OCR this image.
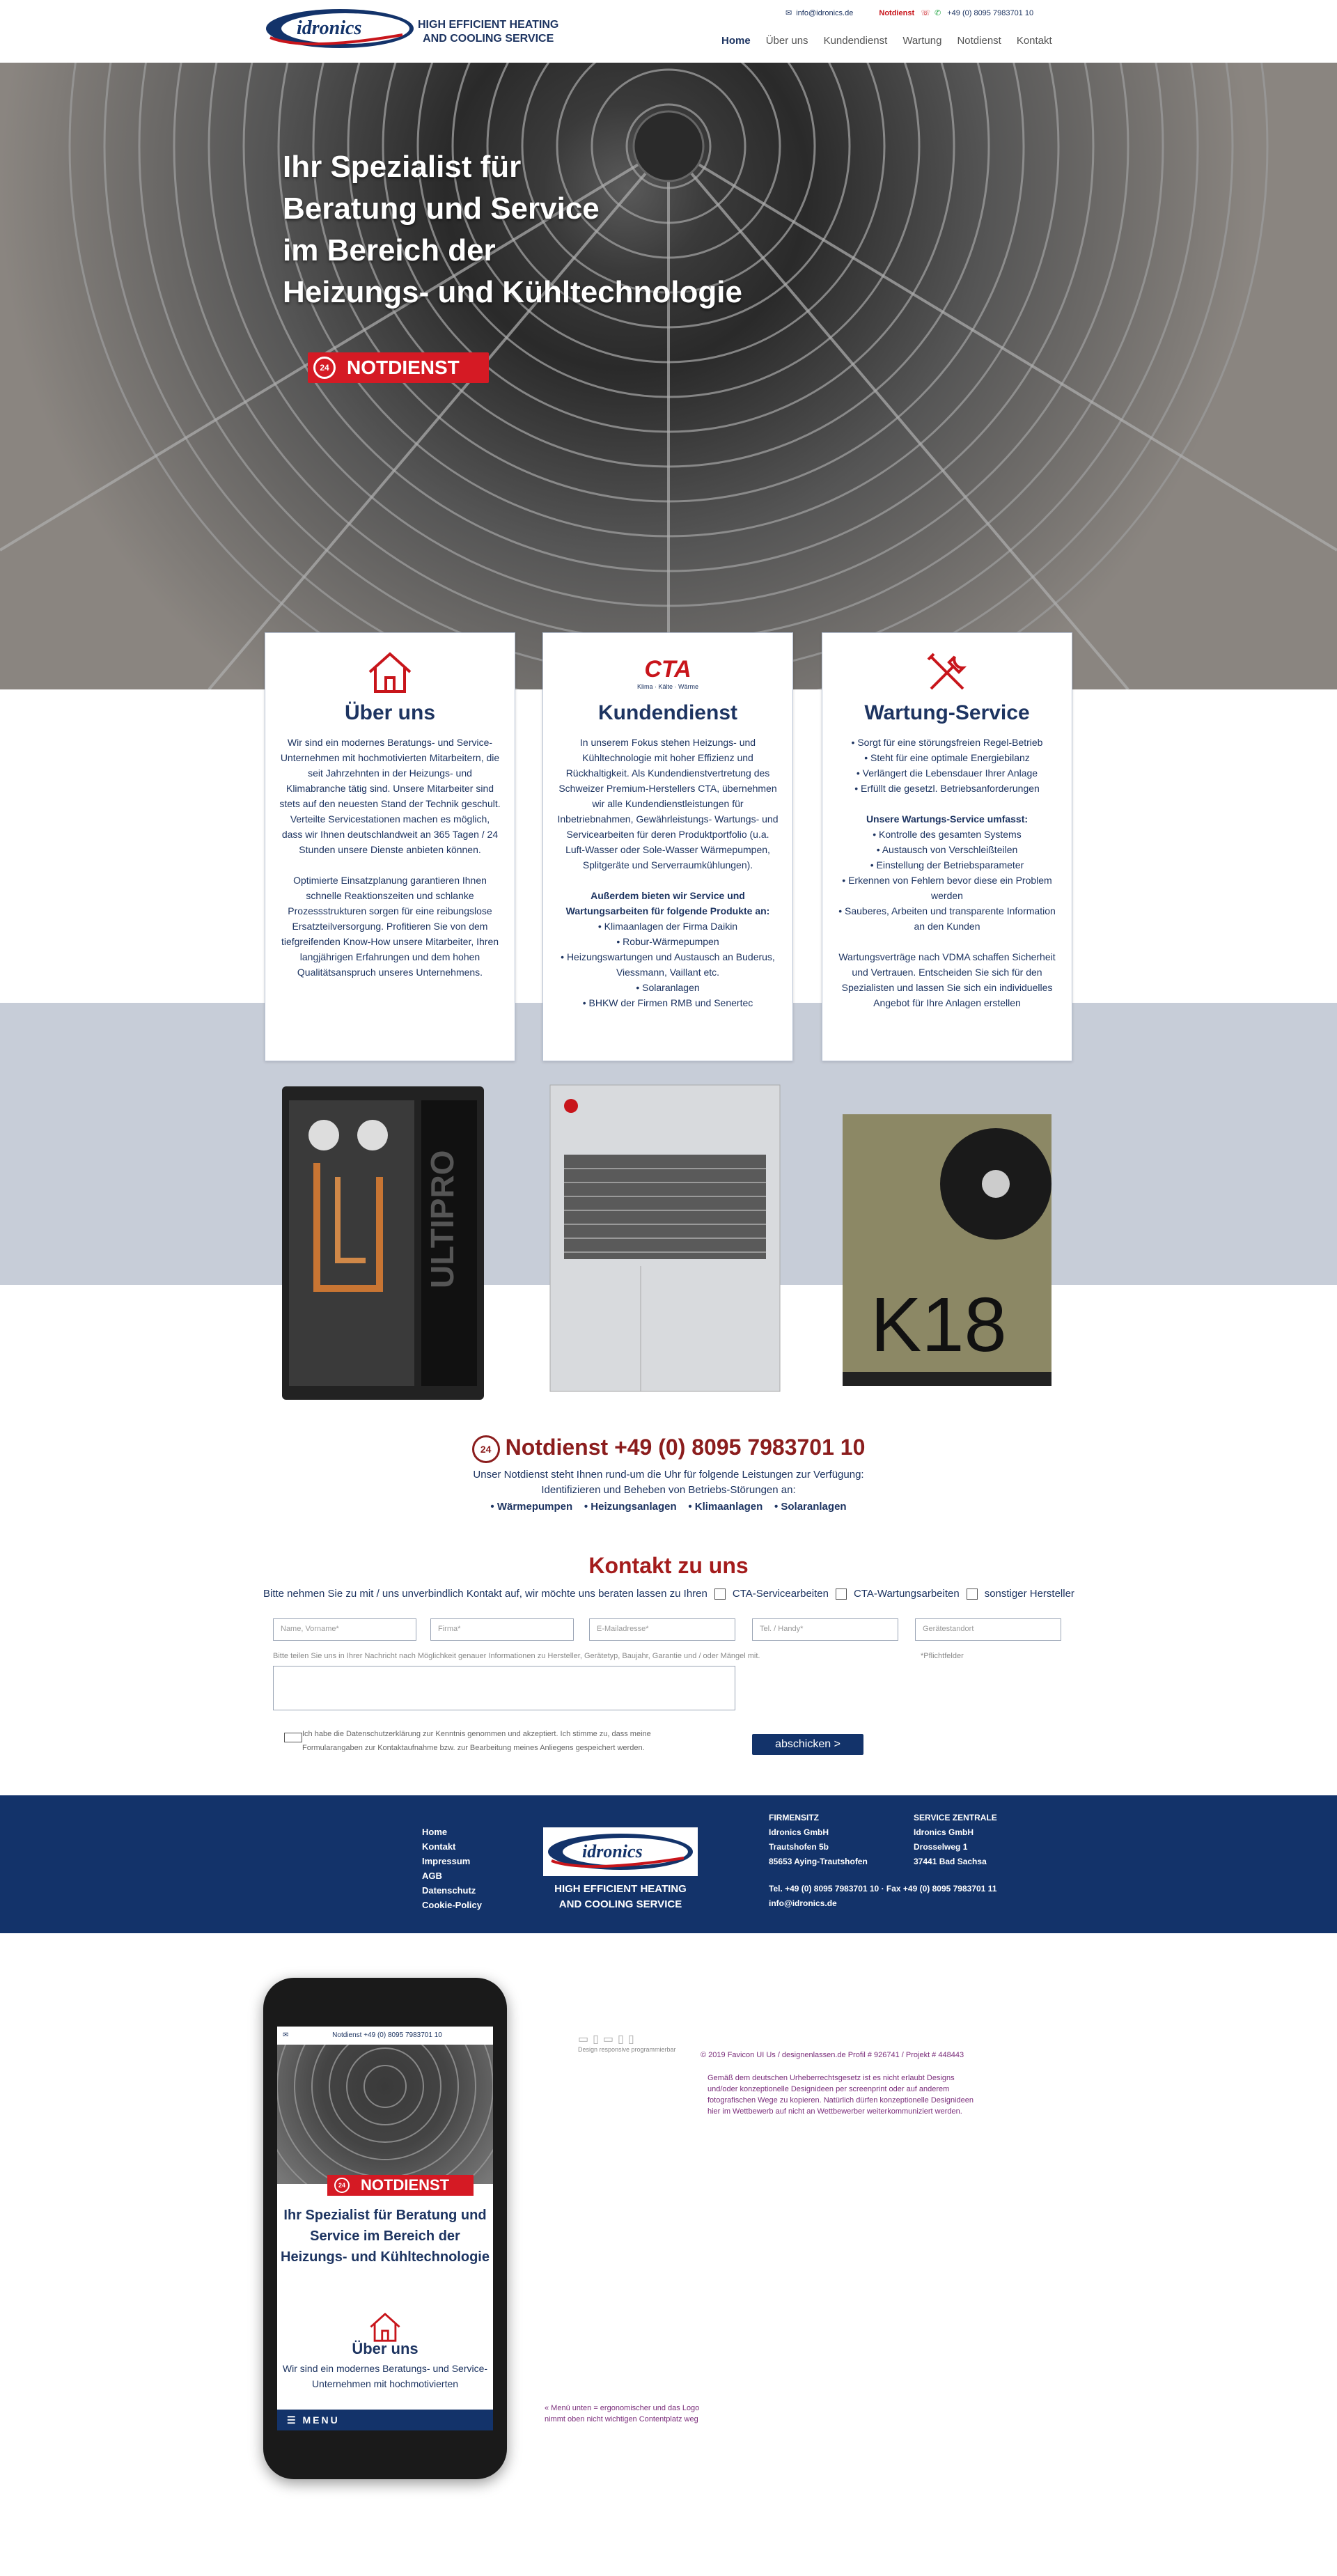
idronics	HIGH EFFICIENT HEATING
AND COOLING SERVICE
✉ info@idronics.de	Notdienst ☏ ✆ +49 (0) 8095 7983701 10
Home Über uns Kundendienst Wartung Notdienst Kontakt
Ihr Spezialist für
Beratung und Service
im Bereich der
Heizungs- und Kühltechnologie
24 NOTDIENST
Über uns

Wir sind ein modernes Beratungs- und Service-Unternehmen mit hochmotivierten Mitarbeitern, die seit Jahrzehnten in der Heizungs- und Klimabranche tätig sind. Unsere Mitarbeiter sind stets auf den neuesten Stand der Technik geschult. Verteilte Servicestationen machen es möglich, dass wir Ihnen deutschlandweit an 365 Tagen / 24 Stunden unsere Dienste anbieten können.

Optimierte Einsatzplanung garantieren Ihnen schnelle Reaktionszeiten und schlanke Prozessstrukturen sorgen für eine reibungslose Ersatzteilversorgung. Profitieren Sie von dem tiefgreifenden Know-How unsere Mitarbeiter, Ihren langjährigen Erfahrungen und dem hohen Qualitätsanspruch unseres Unternehmens.

CTA
Klima · Kälte · Wärme
Kundendienst

In unserem Fokus stehen Heizungs- und Kühltechnologie mit hoher Effizienz und Rückhaltigkeit. Als Kundendienstvertretung des Schweizer Premium-Herstellers CTA, übernehmen wir alle Kundendienstleistungen für Inbetriebnahmen, Gewährleistungs- Wartungs- und Servicearbeiten für deren Produktportfolio (u.a. Luft-Wasser oder Sole-Wasser Wärmepumpen, Splitgeräte und Serverraumkühlungen).

Außerdem bieten wir Service und Wartungsarbeiten für folgende Produkte an:

• Klimaanlagen der Firma Daikin
• Robur-Wärmepumpen
• Heizungswartungen und Austausch an Buderus, Viessmann, Vaillant etc.
• Solaranlagen
• BHKW der Firmen RMB und Senertec

Wartung-Service

• Sorgt für eine störungsfreien Regel-Betrieb
• Steht für eine optimale Energiebilanz
• Verlängert die Lebensdauer Ihrer Anlage
• Erfüllt die gesetzl. Betriebsanforderungen

Unsere Wartungs-Service umfasst:

• Kontrolle des gesamten Systems
• Austausch von Verschleißteilen
• Einstellung der Betriebsparameter
• Erkennen von Fehlern bevor diese ein Problem werden
• Sauberes, Arbeiten und transparente Information an den Kunden

Wartungsverträge nach VDMA schaffen Sicherheit und Vertrauen. Entscheiden Sie sich für den Spezialisten und lassen Sie sich ein individuelles Angebot für Ihre Anlagen erstellen

ULTIPRO
K18
24 Notdienst +49 (0) 8095 7983701 10
Unser Notdienst steht Ihnen rund-um die Uhr für folgende Leistungen zur Verfügung:
Identifizieren und Beheben von Betriebs-Störungen an:
• Wärmepumpen • Heizungsanlagen • Klimaanlagen • Solaranlagen
Kontakt zu uns
Bitte nehmen Sie zu mit / uns unverbindlich Kontakt auf, wir möchte uns beraten lassen zu Ihren CTA-Servicearbeiten CTA-Wartungsarbeiten sonstiger Hersteller
Name, Vorname*	Firma*	E-Mailadresse*	Tel. / Handy*	Gerätestandort
Bitte teilen Sie uns in Ihrer Nachricht nach Möglichkeit genauer Informationen zu Hersteller, Gerätetyp, Baujahr, Garantie und / oder Mängel mit.	*Pflichtfelder
Ich habe die Datenschutzerklärung zur Kenntnis genommen und akzeptiert. Ich stimme zu, dass meine Formularangaben zur Kontaktaufnahme bzw. zur Bearbeitung meines Anliegens gespeichert werden.	abschicken >
Home
Kontakt
Impressum
AGB
Datenschutz
Cookie-Policy
idronics
HIGH EFFICIENT HEATING
AND COOLING SERVICE
FIRMENSITZ
Idronics GmbH
Trautshofen 5b
85653 Aying-Trautshofen
SERVICE ZENTRALE
Idronics GmbH
Drosselweg 1
37441 Bad Sachsa
Tel. +49 (0) 8095 7983701 10 · Fax +49 (0) 8095 7983701 11
info@idronics.de
✉	Notdienst +49 (0) 8095 7983701 10
24 NOTDIENST
Ihr Spezialist für Beratung und Service im Bereich der Heizungs- und Kühltechnologie
Über uns
Wir sind ein modernes Beratungs- und Service-Unternehmen mit hochmotivierten
☰ MENU
▭▯▭▯▯
Design responsive programmierbar
© 2019 Favicon UI Us / designenlassen.de Profil # 926741 / Projekt # 448443
Gemäß dem deutschen Urheberrechtsgesetz ist es nicht erlaubt Designs und/oder konzeptionelle Designideen per screenprint oder auf anderem fotografischen Wege zu kopieren. Natürlich dürfen konzeptionelle Designideen hier im Wettbewerb auf nicht an Wettbewerber weiterkommuniziert werden.
« Menü unten = ergonomischer und das Logo nimmt oben nicht wichtigen Contentplatz weg
